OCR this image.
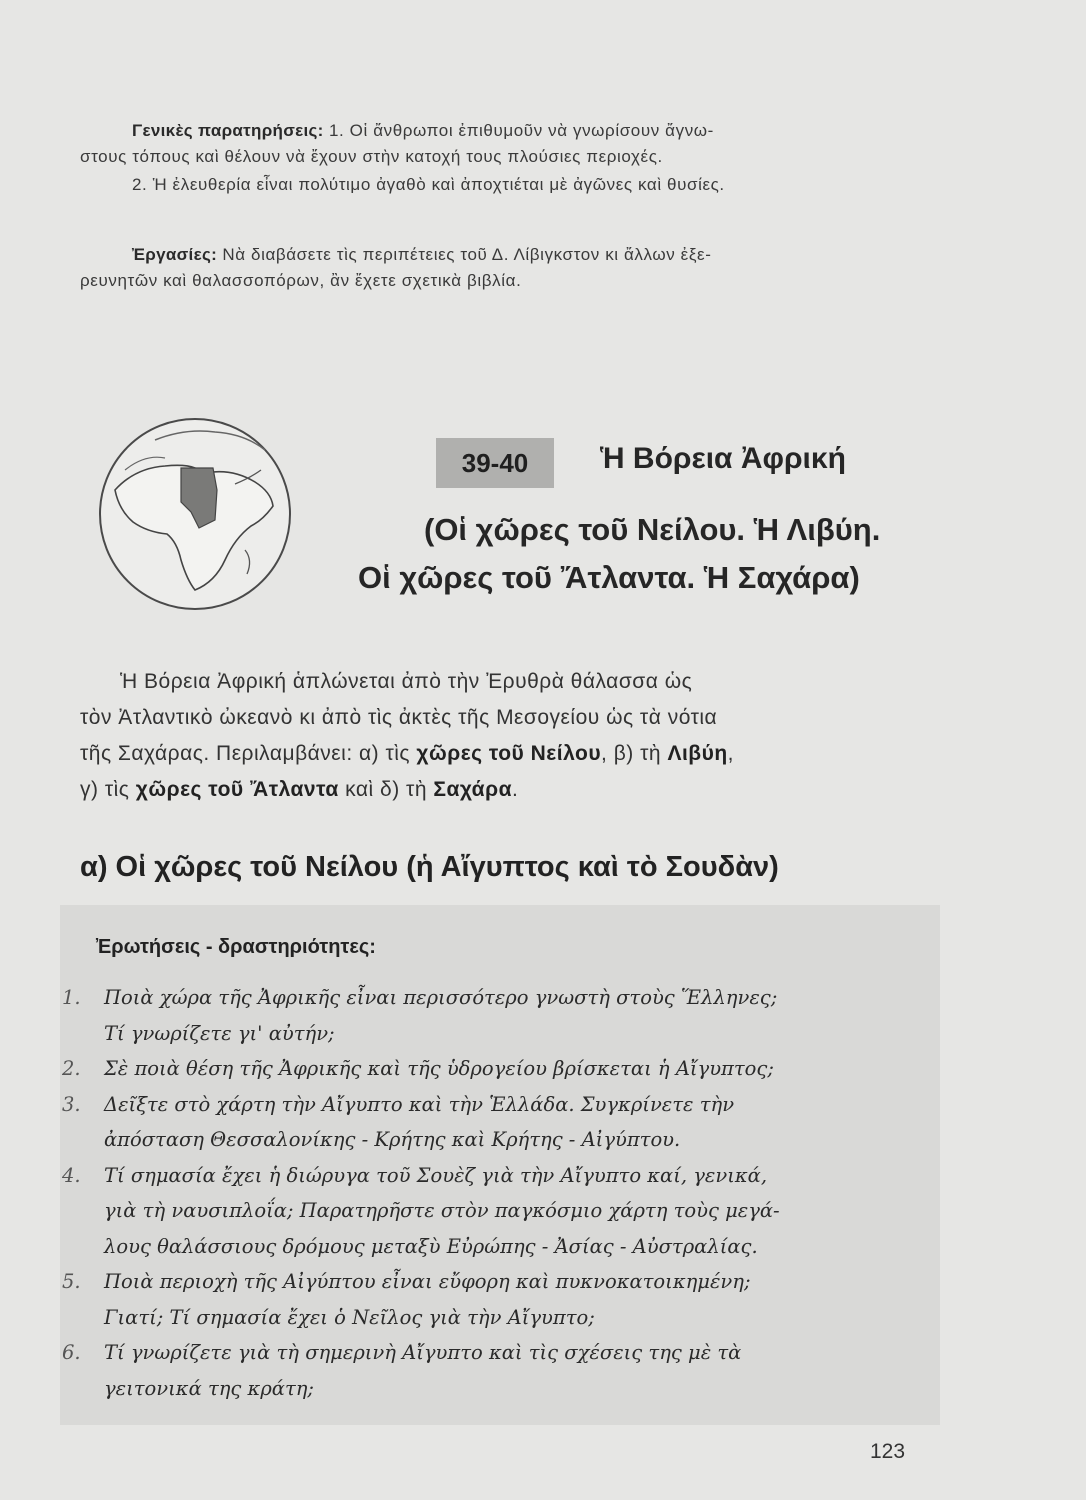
Γενικὲς παρατηρήσεις: 1. Οἱ ἄνθρωποι ἐπιθυμοῦν νὰ γνωρίσουν ἄγνω-
στους τόπους καὶ θέλουν νὰ ἔχουν στὴν κατοχή τους πλούσιες περιοχές.
2. Ἡ ἐλευθερία εἶναι πολύτιμο ἀγαθὸ καὶ ἀποχτιέται μὲ ἀγῶνες καὶ θυσίες.
Ἐργασίες: Νὰ διαβάσετε τὶς περιπέτειες τοῦ Δ. Λίβιγκστον κι ἄλλων ἐξε-
ρευνητῶν καὶ θαλασσοπόρων, ἂν ἔχετε σχετικὰ βιβλία.
39-40	Ἡ Βόρεια Ἀφρική
(Οἱ χῶρες τοῦ Νείλου. Ἡ Λιβύη.
Οἱ χῶρες τοῦ Ἄτλαντα. Ἡ Σαχάρα)
Ἡ Βόρεια Ἀφρική ἁπλώνεται ἀπὸ τὴν Ἐρυθρὰ θάλασσα ὡς
τὸν Ἀτλαντικὸ ὠκεανὸ κι ἀπὸ τὶς ἀκτὲς τῆς Μεσογείου ὡς τὰ νότια
τῆς Σαχάρας. Περιλαμβάνει: α) τὶς χῶρες τοῦ Νείλου, β) τὴ Λιβύη,
γ) τὶς χῶρες τοῦ Ἄτλαντα καὶ δ) τὴ Σαχάρα.
α) Οἱ χῶρες τοῦ Νείλου (ἡ Αἴγυπτος καὶ τὸ Σουδὰν)
Ἐρωτήσεις - δραστηριότητες:
1. Ποιὰ χώρα τῆς Ἀφρικῆς εἶναι περισσότερο γνωστὴ στοὺς Ἕλληνες;
Τί γνωρίζετε γι' αὐτήν;
2. Σὲ ποιὰ θέση τῆς Ἀφρικῆς καὶ τῆς ὑδρογείου βρίσκεται ἡ Αἴγυπτος;
3. Δεῖξτε στὸ χάρτη τὴν Αἴγυπτο καὶ τὴν Ἑλλάδα. Συγκρίνετε τὴν
ἀπόσταση Θεσσαλονίκης - Κρήτης καὶ Κρήτης - Αἰγύπτου.
4. Τί σημασία ἔχει ἡ διώρυγα τοῦ Σουὲζ γιὰ τὴν Αἴγυπτο καί, γενικά,
γιὰ τὴ ναυσιπλοΐα; Παρατηρῆστε στὸν παγκόσμιο χάρτη τοὺς μεγά-
λους θαλάσσιους δρόμους μεταξὺ Εὐρώπης - Ἀσίας - Αὐστραλίας.
5. Ποιὰ περιοχὴ τῆς Αἰγύπτου εἶναι εὔφορη καὶ πυκνοκατοικημένη;
Γιατί; Τί σημασία ἔχει ὁ Νεῖλος γιὰ τὴν Αἴγυπτο;
6. Τί γνωρίζετε γιὰ τὴ σημερινὴ Αἴγυπτο καὶ τὶς σχέσεις της μὲ τὰ
γειτονικά της κράτη;
123
